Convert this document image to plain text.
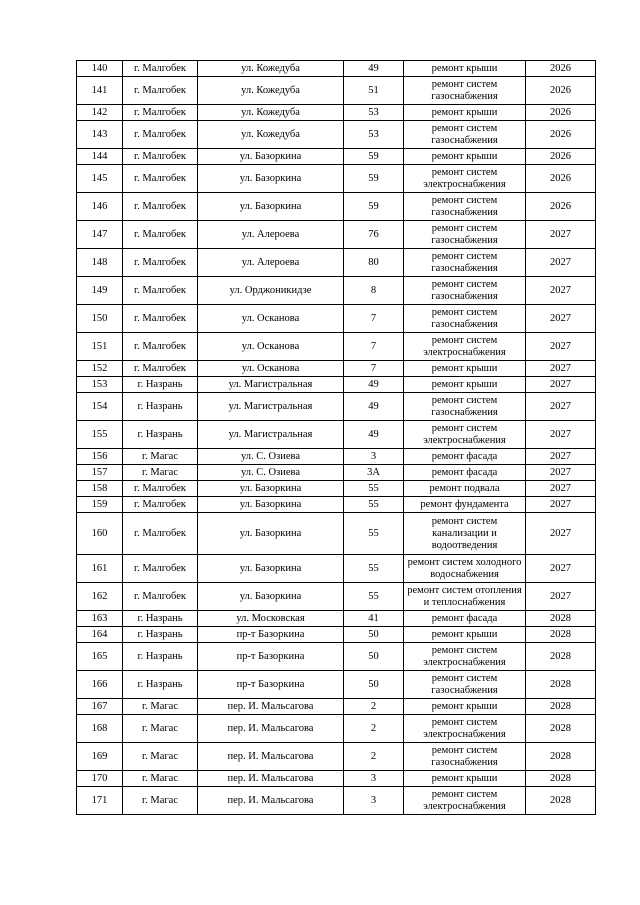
140	г. Малгобек	ул. Кожедуба	49	ремонт крыши	2026
141	г. Малгобек	ул. Кожедуба	51	ремонт систем газоснабжения	2026
142	г. Малгобек	ул. Кожедуба	53	ремонт крыши	2026
143	г. Малгобек	ул. Кожедуба	53	ремонт систем газоснабжения	2026
144	г. Малгобек	ул. Базоркина	59	ремонт крыши	2026
145	г. Малгобек	ул. Базоркина	59	ремонт систем электроснабжения	2026
146	г. Малгобек	ул. Базоркина	59	ремонт систем газоснабжения	2026
147	г. Малгобек	ул. Алероева	76	ремонт систем газоснабжения	2027
148	г. Малгобек	ул. Алероева	80	ремонт систем газоснабжения	2027
149	г. Малгобек	ул. Орджоникидзе	8	ремонт систем газоснабжения	2027
150	г. Малгобек	ул. Осканова	7	ремонт систем газоснабжения	2027
151	г. Малгобек	ул. Осканова	7	ремонт систем электроснабжения	2027
152	г. Малгобек	ул. Осканова	7	ремонт крыши	2027
153	г. Назрань	ул. Магистральная	49	ремонт крыши	2027
154	г. Назрань	ул. Магистральная	49	ремонт систем газоснабжения	2027
155	г. Назрань	ул. Магистральная	49	ремонт систем электроснабжения	2027
156	г. Магас	ул. С. Озиева	3	ремонт фасада	2027
157	г. Магас	ул. С. Озиева	3А	ремонт фасада	2027
158	г. Малгобек	ул. Базоркина	55	ремонт подвала	2027
159	г. Малгобек	ул. Базоркина	55	ремонт фундамента	2027
160	г. Малгобек	ул. Базоркина	55	ремонт систем канализации и водоотведения	2027
161	г. Малгобек	ул. Базоркина	55	ремонт систем холодного водоснабжения	2027
162	г. Малгобек	ул. Базоркина	55	ремонт систем отопления и теплоснабжения	2027
163	г. Назрань	ул. Московская	41	ремонт фасада	2028
164	г. Назрань	пр-т Базоркина	50	ремонт крыши	2028
165	г. Назрань	пр-т Базоркина	50	ремонт систем электроснабжения	2028
166	г. Назрань	пр-т Базоркина	50	ремонт систем газоснабжения	2028
167	г. Магас	пер. И. Мальсагова	2	ремонт крыши	2028
168	г. Магас	пер. И. Мальсагова	2	ремонт систем электроснабжения	2028
169	г. Магас	пер. И. Мальсагова	2	ремонт систем газоснабжения	2028
170	г. Магас	пер. И. Мальсагова	3	ремонт крыши	2028
171	г. Магас	пер. И. Мальсагова	3	ремонт систем электроснабжения	2028
